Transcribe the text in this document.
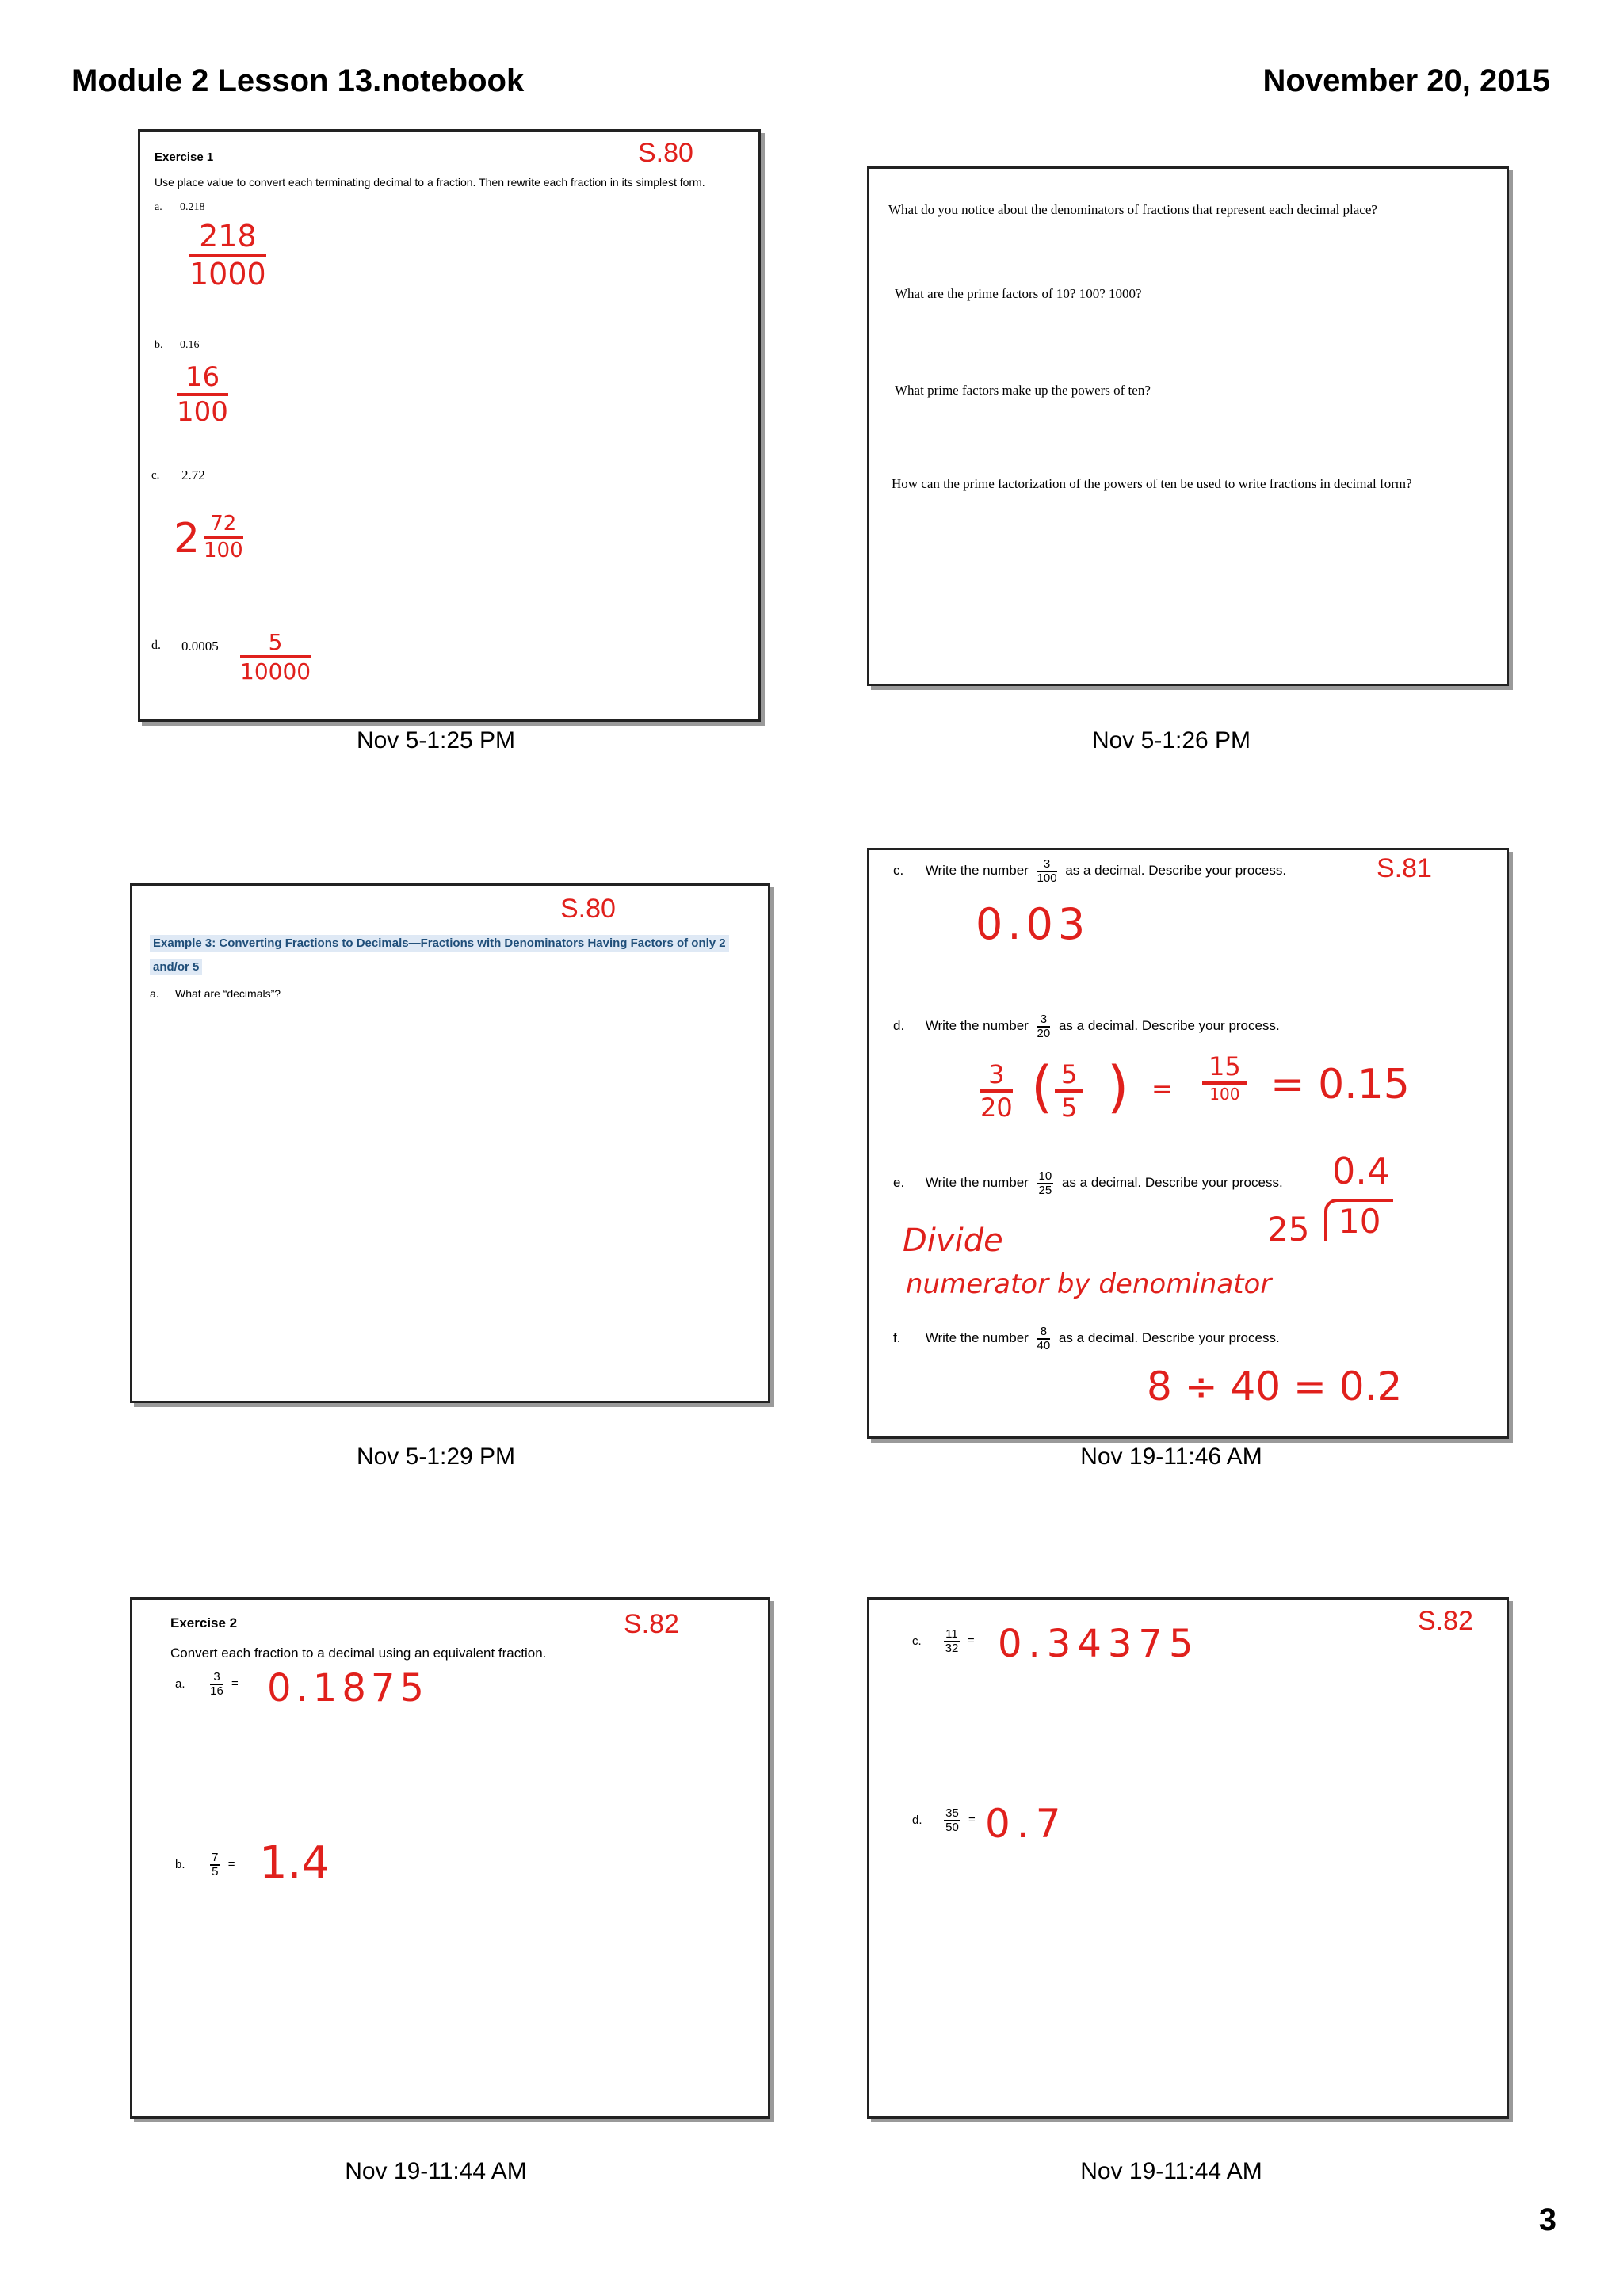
Module 2 Lesson 13.notebook	November 20, 2015
S.80
Exercise 1
Use place value to convert each terminating decimal to a fraction. Then rewrite each fraction in its simplest form.
a. 0.218
$\frac{218}{1000}$
b. 0.16
$\frac{16}{100}$
c. 2.72
$2 \frac{72}{100}$
d. $0.0005 \frac{5}{10000}$
Nov 5-1:25 PM
What do you notice about the denominators of fractions that represent each decimal place?
What are the prime factors of 10? 100? 1000?
What prime factors make up the powers of ten?
How can the prime factorization of the powers of ten be used to write fractions in decimal form?
Nov 5-1:26 PM
S.80
Example 3: Converting Fractions to Decimals—Fractions with Denominators Having Factors of only 2
and/or 5
a. What are “decimals”?
Nov 5-1:29 PM
S.81
c. Write the number $\frac{3}{100}$ as a decimal. Describe your process.
0.03
d. Write the number $\frac{3}{20}$ as a decimal. Describe your process.
$\frac{3}{20}$ ( $\frac{5}{5}$ ) =
15
100 = 0.15
e. Write the number $\frac{10}{25}$ as a decimal. Describe your process. 0.4
25 10
Divide
numerator by denominator
f. Write the number $\frac{8}{40}$ as a decimal. Describe your process.
8 ÷ 40 = 0.2
Nov 19-11:46 AM
S.82
Exercise 2
Convert each fraction to a decimal using an equivalent fraction.
a. $\frac{3}{16} = 0.1875$
b. $\frac{7}{5} = 1.4$
Nov 19-11:44 AM
S.82
c. $\frac{11}{32} = 0.34375$
d. $\frac{35}{50} = 0.7$
Nov 19-11:44 AM
3
